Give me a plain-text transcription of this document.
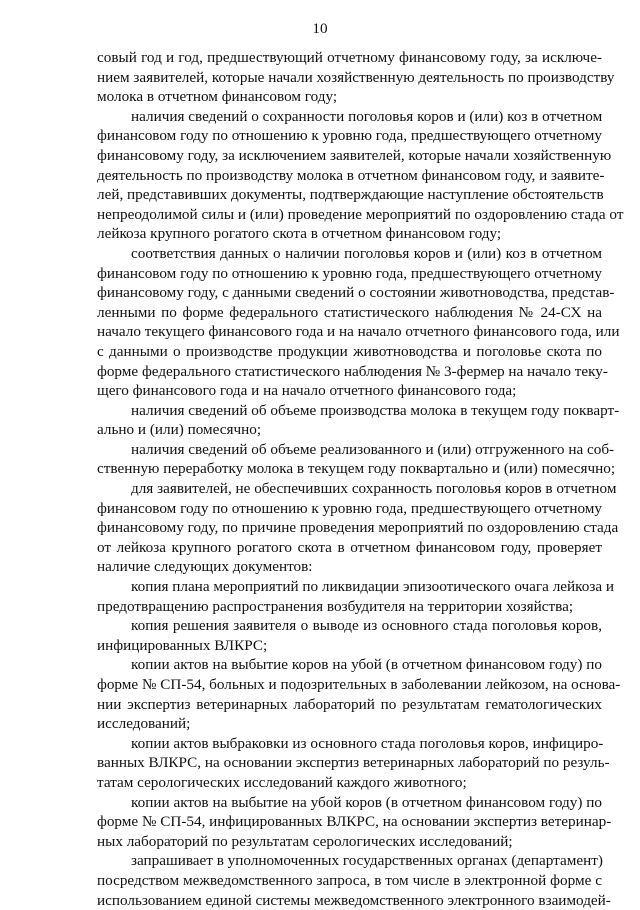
10
совый год и год, предшествующий отчетному финансовому году, за исключе-
нием заявителей, которые начали хозяйственную деятельность по производству
молока в отчетном финансовом году;
наличия сведений о сохранности поголовья коров и (или) коз в отчетном
финансовом году по отношению к уровню года, предшествующего отчетному
финансовому году, за исключением заявителей, которые начали хозяйственную
деятельность по производству молока в отчетном финансовом году, и заявите-
лей, представивших документы, подтверждающие наступление обстоятельств
непреодолимой силы и (или) проведение мероприятий по оздоровлению стада от
лейкоза крупного рогатого скота в отчетном финансовом году;
соответствия данных о наличии поголовья коров и (или) коз в отчетном
финансовом году по отношению к уровню года, предшествующего отчетному
финансовому году, с данными сведений о состоянии животноводства, представ-
ленными по форме федерального статистического наблюдения № 24-СХ на
начало текущего финансового года и на начало отчетного финансового года, или
с данными о производстве продукции животноводства и поголовье скота по
форме федерального статистического наблюдения № 3-фермер на начало теку-
щего финансового года и на начало отчетного финансового года;
наличия сведений об объеме производства молока в текущем году покварт-
ально и (или) помесячно;
наличия сведений об объеме реализованного и (или) отгруженного на соб-
ственную переработку молока в текущем году поквартально и (или) помесячно;
для заявителей, не обеспечивших сохранность поголовья коров в отчетном
финансовом году по отношению к уровню года, предшествующего отчетному
финансовому году, по причине проведения мероприятий по оздоровлению стада
от лейкоза крупного рогатого скота в отчетном финансовом году, проверяет
наличие следующих документов:
копия плана мероприятий по ликвидации эпизоотического очага лейкоза и
предотвращению распространения возбудителя на территории хозяйства;
копия решения заявителя о выводе из основного стада поголовья коров,
инфицированных ВЛКРС;
копии актов на выбытие коров на убой (в отчетном финансовом году) по
форме № СП-54, больных и подозрительных в заболевании лейкозом, на основа-
нии экспертиз ветеринарных лабораторий по результатам гематологических
исследований;
копии актов выбраковки из основного стада поголовья коров, инфициро-
ванных ВЛКРС, на основании экспертиз ветеринарных лабораторий по резуль-
татам серологических исследований каждого животного;
копии актов на выбытие на убой коров (в отчетном финансовом году) по
форме № СП-54, инфицированных ВЛКРС, на основании экспертиз ветеринар-
ных лабораторий по результатам серологических исследований;
запрашивает в уполномоченных государственных органах (департамент)
посредством межведомственного запроса, в том числе в электронной форме с
использованием единой системы межведомственного электронного взаимодей-
